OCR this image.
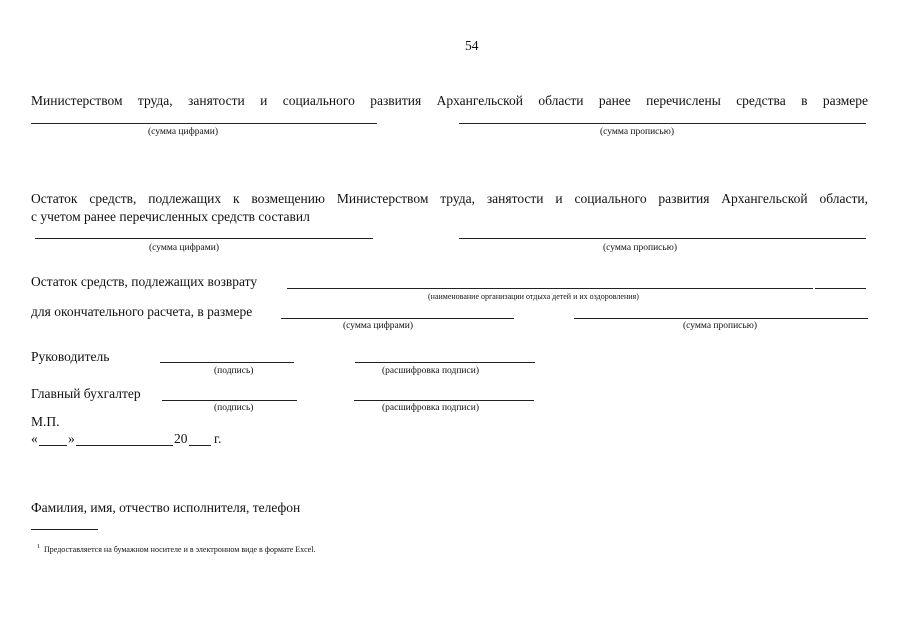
54
Министерством труда, занятости и социального развития Архангельской области ранее перечислены средства в размере
(сумма цифрами)	(сумма прописью)
Остаток средств, подлежащих к возмещению Министерством труда, занятости и социального развития Архангельской области,
с учетом ранее перечисленных средств составил
(сумма цифрами)	(сумма прописью)
Остаток средств, подлежащих возврату
(наименование организации отдыха детей и их оздоровления)
для окончательного расчета, в размере
(сумма цифрами)	(сумма прописью)
Руководитель
(подпись)	(расшифровка подписи)
Главный бухгалтер
(подпись)	(расшифровка подписи)
М.П.
« »	20 г.
Фамилия, имя, отчество исполнителя, телефон
$^1$ Предоставляется на бумажном носителе и в электронном виде в формате Excel.
